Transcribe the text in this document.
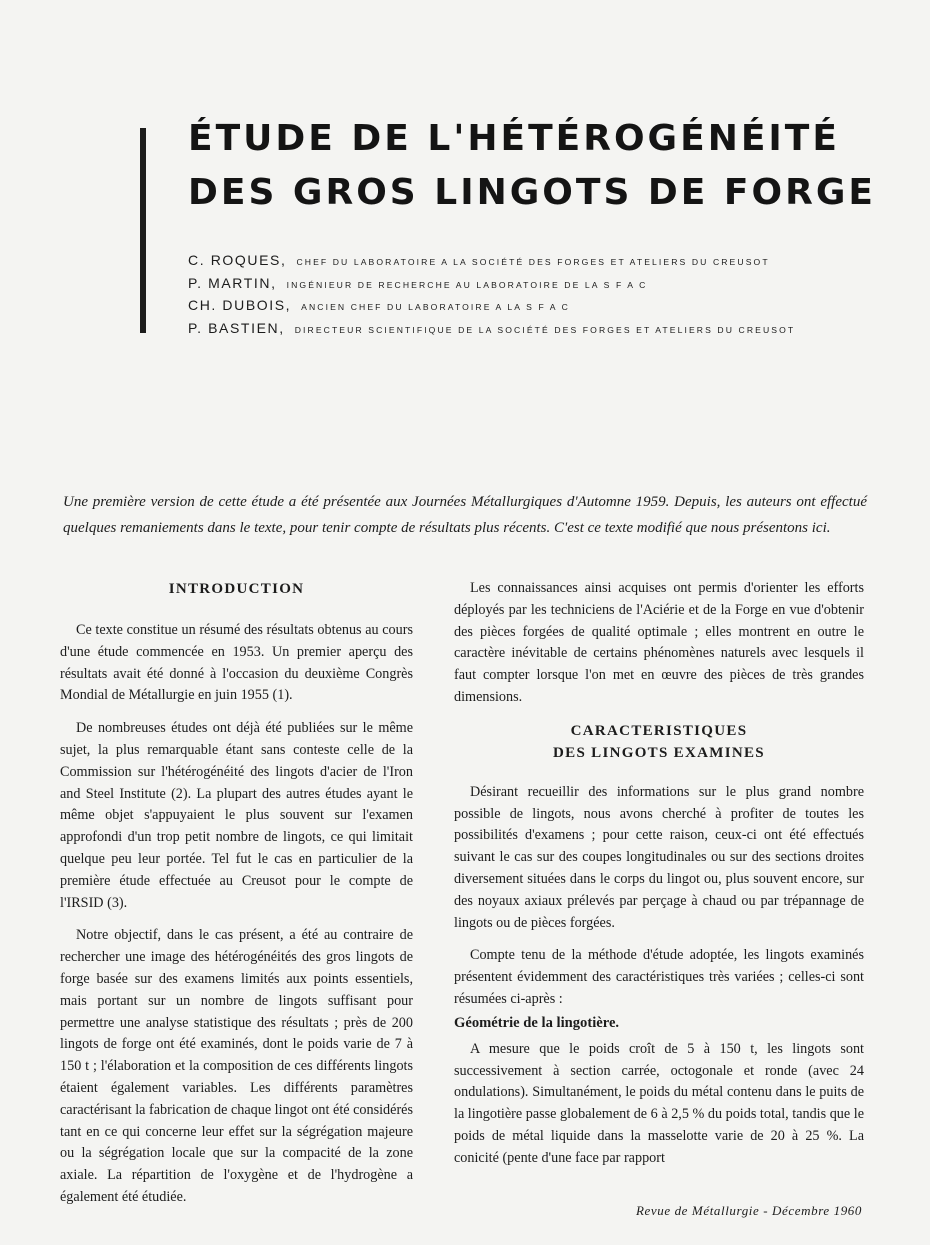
ÉTUDE DE L'HÉTÉROGÉNÉITÉ
DES GROS LINGOTS DE FORGE
C. ROQUES, CHEF DU LABORATOIRE A LA SOCIÉTÉ DES FORGES ET ATELIERS DU CREUSOT
P. MARTIN, INGÉNIEUR DE RECHERCHE AU LABORATOIRE DE LA S F A C
CH. DUBOIS, ANCIEN CHEF DU LABORATOIRE A LA S F A C
P. BASTIEN, DIRECTEUR SCIENTIFIQUE DE LA SOCIÉTÉ DES FORGES ET ATELIERS DU CREUSOT
Une première version de cette étude a été présentée aux Journées Métallurgiques d'Automne 1959. Depuis, les auteurs ont effectué quelques remaniements dans le texte, pour tenir compte de résultats plus récents. C'est ce texte modifié que nous présentons ici.
INTRODUCTION

Ce texte constitue un résumé des résultats obtenus au cours d'une étude commencée en 1953. Un premier aperçu des résultats avait été donné à l'occasion du deuxième Congrès Mondial de Métallurgie en juin 1955 (1).

De nombreuses études ont déjà été publiées sur le même sujet, la plus remarquable étant sans conteste celle de la Commission sur l'hétérogénéité des lingots d'acier de l'Iron and Steel Institute (2). La plupart des autres études ayant le même objet s'appuyaient le plus souvent sur l'examen approfondi d'un trop petit nombre de lingots, ce qui limitait quelque peu leur portée. Tel fut le cas en particulier de la première étude effectuée au Creusot pour le compte de l'IRSID (3).

Notre objectif, dans le cas présent, a été au contraire de rechercher une image des hétérogénéités des gros lingots de forge basée sur des examens limités aux points essentiels, mais portant sur un nombre de lingots suffisant pour permettre une analyse statistique des résultats ; près de 200 lingots de forge ont été examinés, dont le poids varie de 7 à 150 t ; l'élaboration et la composition de ces différents lingots étaient également variables. Les différents paramètres caractérisant la fabrication de chaque lingot ont été considérés tant en ce qui concerne leur effet sur la ségrégation majeure ou la ségrégation locale que sur la compacité de la zone axiale. La répartition de l'oxygène et de l'hydrogène a également été étudiée.

Les connaissances ainsi acquises ont permis d'orienter les efforts déployés par les techniciens de l'Aciérie et de la Forge en vue d'obtenir des pièces forgées de qualité optimale ; elles montrent en outre le caractère inévitable de certains phénomènes naturels avec lesquels il faut compter lorsque l'on met en œuvre des pièces de très grandes dimensions.

CARACTERISTIQUES
DES LINGOTS EXAMINES

Désirant recueillir des informations sur le plus grand nombre possible de lingots, nous avons cherché à profiter de toutes les possibilités d'examens ; pour cette raison, ceux-ci ont été effectués suivant le cas sur des coupes longitudinales ou sur des sections droites diversement situées dans le corps du lingot ou, plus souvent encore, sur des noyaux axiaux prélevés par perçage à chaud ou par trépannage de lingots ou de pièces forgées.

Compte tenu de la méthode d'étude adoptée, les lingots examinés présentent évidemment des caractéristiques très variées ; celles-ci sont résumées ci-après :

Géométrie de la lingotière.

A mesure que le poids croît de 5 à 150 t, les lingots sont successivement à section carrée, octogonale et ronde (avec 24 ondulations). Simultanément, le poids du métal contenu dans le puits de la lingotière passe globalement de 6 à 2,5 % du poids total, tandis que le poids de métal liquide dans la masselotte varie de 20 à 25 %. La conicité (pente d'une face par rapport

Revue de Métallurgie - Décembre 1960
